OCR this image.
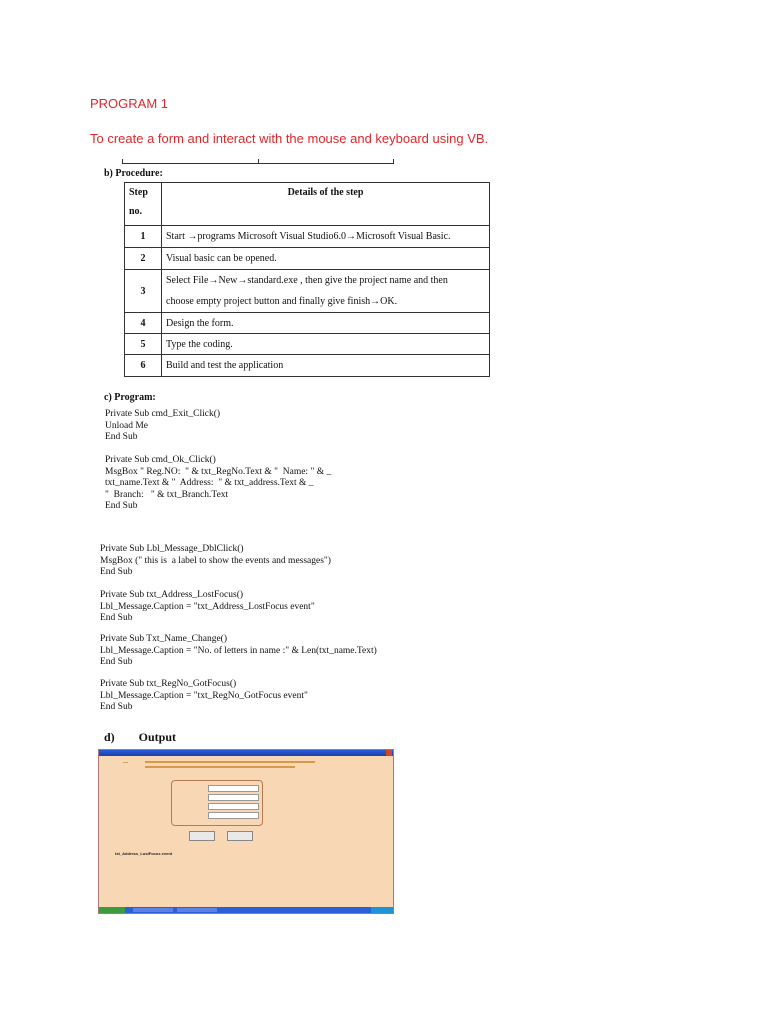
PROGRAM 1
To create a form and interact with the mouse and keyboard using VB.
b) Procedure:
Step
no.	Details of the step
1	Start →programs Microsoft Visual Studio6.0→Microsoft Visual Basic.
2	Visual basic can be opened.
3	Select File→New→standard.exe , then give the project name and then
choose empty project button and finally give finish→OK.
4	Design the form.
5	Type the coding.
6	Build and test the application
c) Program:
Private Sub cmd_Exit_Click()
Unload Me
End Sub
Private Sub cmd_Ok_Click()
MsgBox " Reg.NO:  " & txt_RegNo.Text & "  Name: " & _
txt_name.Text & "  Address:  " & txt_address.Text & _
"  Branch:   " & txt_Branch.Text
End Sub
Private Sub Lbl_Message_DblClick()
MsgBox (" this is  a label to show the events and messages")
End Sub
Private Sub txt_Address_LostFocus()
Lbl_Message.Caption = "txt_Address_LostFocus event"
End Sub
Private Sub Txt_Name_Change()
Lbl_Message.Caption = "No. of letters in name :" & Len(txt_name.Text)
End Sub
Private Sub txt_RegNo_GotFocus()
Lbl_Message.Caption = "txt_RegNo_GotFocus event"
End Sub
d) Output
—
txt_Address_LostFocus event
